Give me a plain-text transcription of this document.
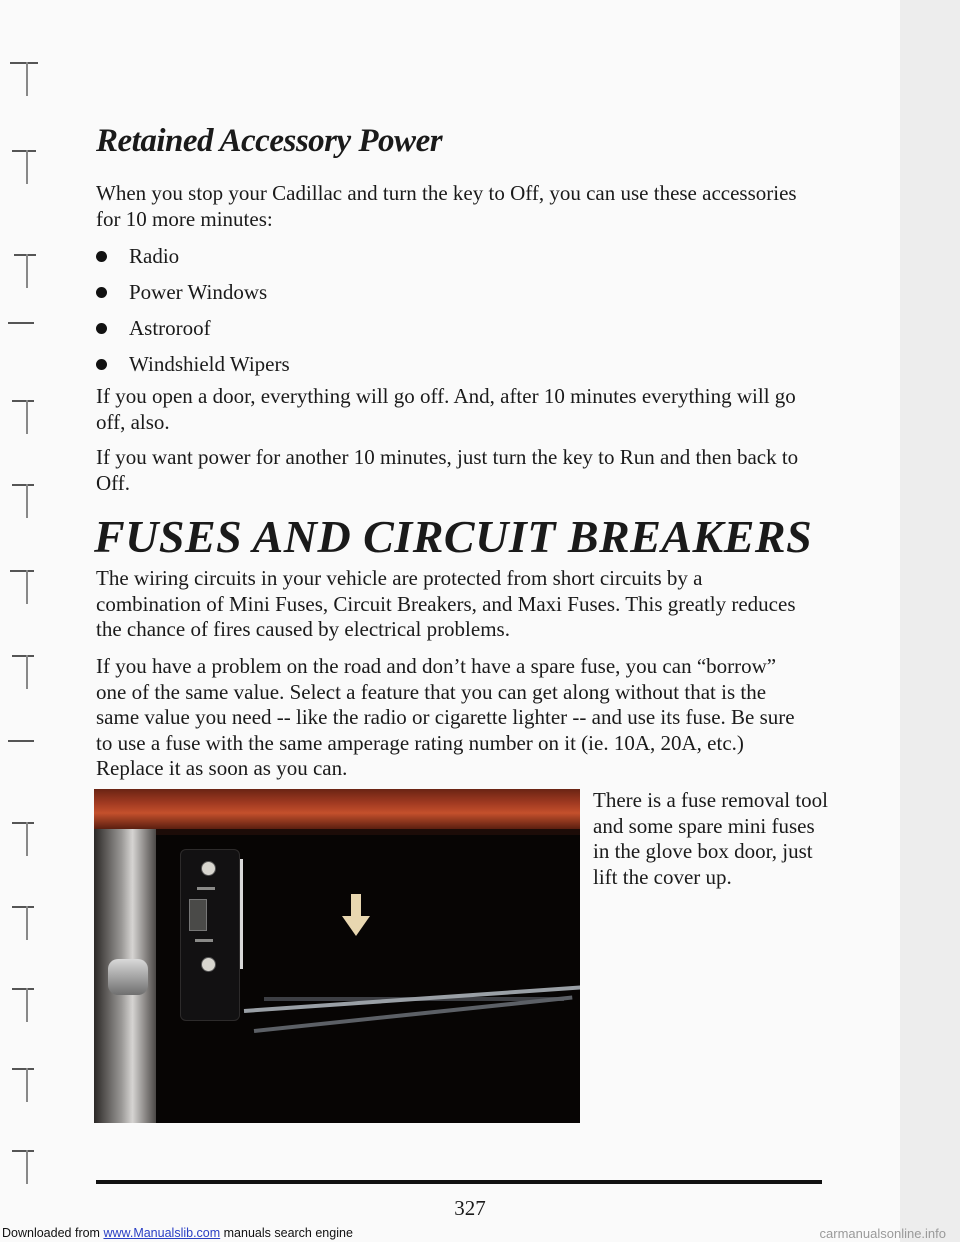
Retained Accessory Power

When you stop your Cadillac and turn the key to Off, you can use these accessories for 10 more minutes:

Radio
Power Windows
Astroroof
Windshield Wipers

If you open a door, everything will go off. And, after 10 minutes everything will go off, also.

If you want power for another 10 minutes, just turn the key to Run and then back to Off.

FUSES AND CIRCUIT BREAKERS

The wiring circuits in your vehicle are protected from short circuits by a combination of Mini Fuses, Circuit Breakers, and Maxi Fuses. This greatly reduces the chance of fires caused by electrical problems.

If you have a problem on the road and don’t have a spare fuse, you can “borrow” one of the same value. Select a feature that you can get along without that is the same value you need -- like the radio or cigarette lighter -- and use its fuse. Be sure to use a fuse with the same amperage rating number on it (ie. 10A, 20A, etc.) Replace it as soon as you can.

There is a fuse removal tool and some spare mini fuses in the glove box door, just lift the cover up.

327

Downloaded from www.Manualslib.com manuals search engine	carmanualsonline.info
